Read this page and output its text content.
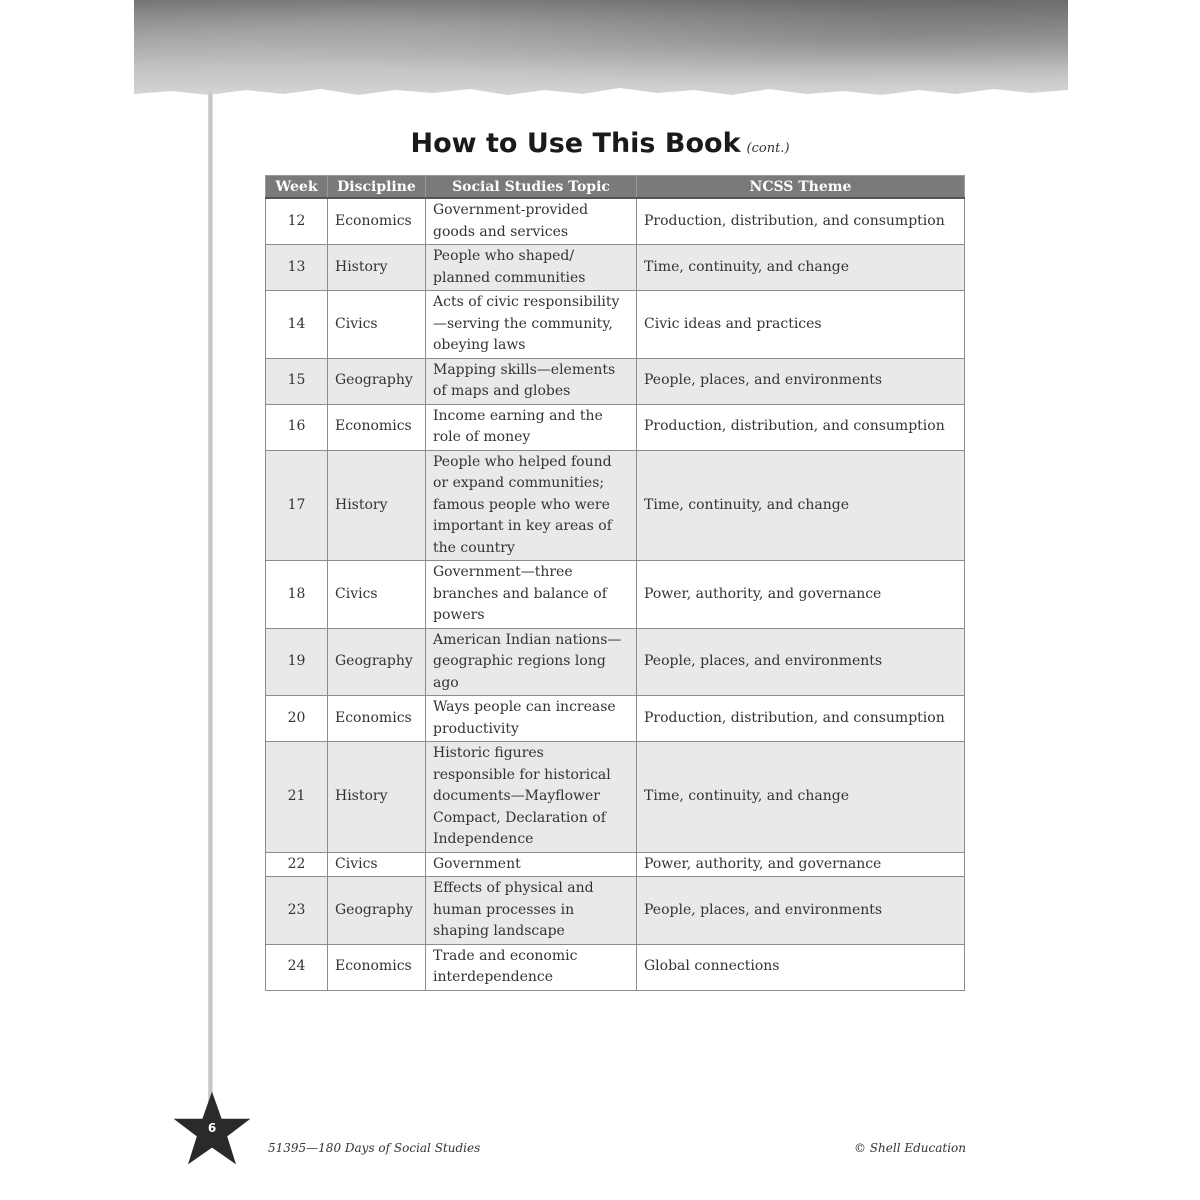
How to Use This Book (cont.)
Week	Discipline	Social Studies Topic	NCSS Theme
12	Economics	Government-provided goods and services	Production, distribution, and consumption
13	History	People who shaped/ planned communities	Time, continuity, and change
14	Civics	Acts of civic responsibility—serving the community, obeying laws	Civic ideas and practices
15	Geography	Mapping skills—elements of maps and globes	People, places, and environments
16	Economics	Income earning and the role of money	Production, distribution, and consumption
17	History	People who helped found or expand communities; famous people who were important in key areas of the country	Time, continuity, and change
18	Civics	Government—three branches and balance of powers	Power, authority, and governance
19	Geography	American Indian nations—geographic regions long ago	People, places, and environments
20	Economics	Ways people can increase productivity	Production, distribution, and consumption
21	History	Historic figures responsible for historical documents—Mayflower Compact, Declaration of Independence	Time, continuity, and change
22	Civics	Government	Power, authority, and governance
23	Geography	Effects of physical and human processes in shaping landscape	People, places, and environments
24	Economics	Trade and economic interdependence	Global connections
6
51395—180 Days of Social Studies	© Shell Education
